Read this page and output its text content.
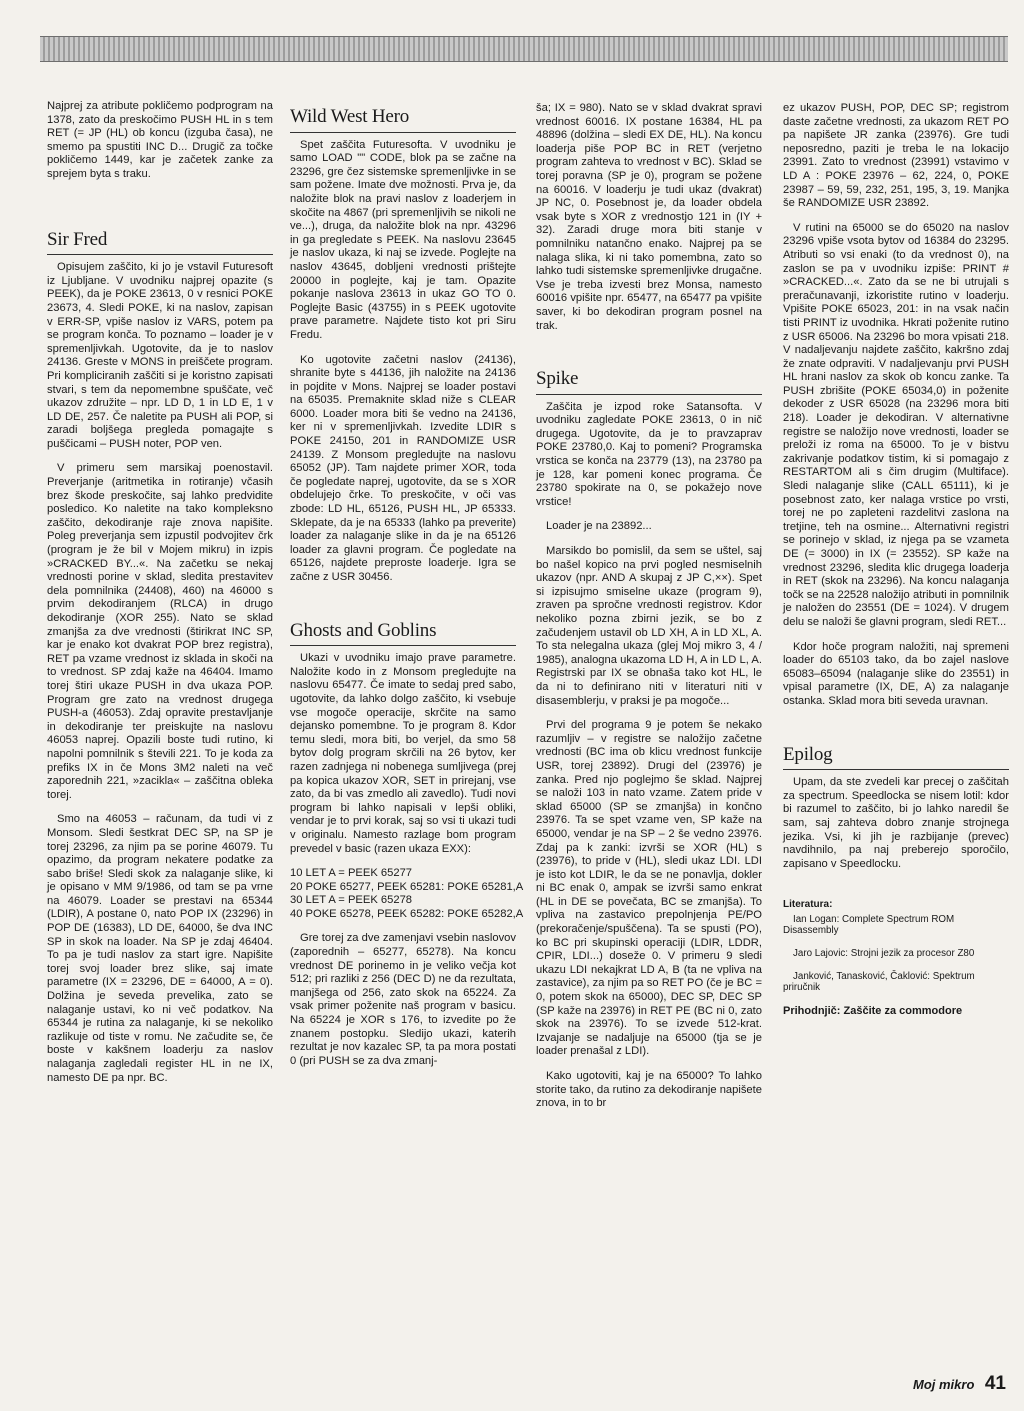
Najprej za atribute pokličemo podprogram na 1378, zato da preskočimo PUSH HL in s tem RET (= JP (HL) ob koncu (izguba časa), ne smemo pa spustiti INC D... Drugič za točke pokličemo 1449, kar je začetek zanke za sprejem byta s traku.

Sir Fred

Opisujem zaščito, ki jo je vstavil Futuresoft iz Ljubljane. V uvodniku najprej opazite (s PEEK), da je POKE 23613, 0 v resnici POKE 23673, 4. Sledi POKE, ki na naslov, zapisan v ERR-SP, vpiše naslov iz VARS, potem pa se program konča. To poznamo – loader je v spremenljivkah. Ugotovite, da je to naslov 24136. Greste v MONS in preiščete program. Pri kompliciranih zaščiti si je koristno zapisati stvari, s tem da nepomembne spuščate, več ukazov združite – npr. LD D, 1 in LD E, 1 v LD DE, 257. Če naletite pa PUSH ali POP, si zaradi boljšega pregleda pomagajte s puščicami – PUSH noter, POP ven.

V primeru sem marsikaj poenostavil. Preverjanje (aritmetika in rotiranje) včasih brez škode preskočite, saj lahko predvidite posledico. Ko naletite na tako kompleksno zaščito, dekodiranje raje znova napišite. Poleg preverjanja sem izpustil podvojitev črk (program je že bil v Mojem mikru) in izpis »CRACKED BY...«. Na začetku se nekaj vrednosti porine v sklad, sledita prestavitev dela pomnilnika (24408), 460) na 46000 s prvim dekodiranjem (RLCA) in drugo dekodiranje (XOR 255). Nato se sklad zmanjša za dve vrednosti (štirikrat INC SP, kar je enako kot dvakrat POP brez registra), RET pa vzame vrednost iz sklada in skoči na to vrednost. SP zdaj kaže na 46404. Imamo torej štiri ukaze PUSH in dva ukaza POP. Program gre zato na vrednost drugega PUSH-a (46053). Zdaj opravite prestavljanje in dekodiranje ter preiskujte na naslovu 46053 naprej. Opazili boste tudi rutino, ki napolni pomnilnik s števili 221. To je koda za prefiks IX in če Mons 3M2 naleti na več zaporednih 221, »zacikla« – zaščitna obleka torej.

Smo na 46053 – računam, da tudi vi z Monsom. Sledi šestkrat DEC SP, na SP je torej 23296, za njim pa se porine 46079. Tu opazimo, da program nekatere podatke za sabo briše! Sledi skok za nalaganje slike, ki je opisano v MM 9/1986, od tam se pa vrne na 46079. Loader se prestavi na 65344 (LDIR), A postane 0, nato POP IX (23296) in POP DE (16383), LD DE, 64000, še dva INC SP in skok na loader. Na SP je zdaj 46404. To pa je tudi naslov za start igre. Napišite torej svoj loader brez slike, saj imate parametre (IX = 23296, DE = 64000, A = 0). Dolžina je seveda prevelika, zato se nalaganje ustavi, ko ni več podatkov. Na 65344 je rutina za nalaganje, ki se nekoliko razlikuje od tiste v romu. Ne začudite se, če boste v kakšnem loaderju za naslov nalaganja zagledali register HL in ne IX, namesto DE pa npr. BC.

Wild West Hero

Spet zaščita Futuresofta. V uvodniku je samo LOAD "" CODE, blok pa se začne na 23296, gre čez sistemske spremenljivke in se sam požene. Imate dve možnosti. Prva je, da naložite blok na pravi naslov z loaderjem in skočite na 4867 (pri spremenljivih se nikoli ne ve...), druga, da naložite blok na npr. 43296 in ga pregledate s PEEK. Na naslovu 23645 je naslov ukaza, ki naj se izvede. Poglejte na naslov 43645, dobljeni vrednosti prištejte 20000 in poglejte, kaj je tam. Opazite pokanje naslova 23613 in ukaz GO TO 0. Poglejte Basic (43755) in s PEEK ugotovite prave parametre. Najdete tisto kot pri Siru Fredu.

Ko ugotovite začetni naslov (24136), shranite byte s 44136, jih naložite na 24136 in pojdite v Mons. Najprej se loader postavi na 65035. Premaknite sklad niže s CLEAR 6000. Loader mora biti še vedno na 24136, ker ni v spremenljivkah. Izvedite LDIR s POKE 24150, 201 in RANDOMIZE USR 24139. Z Monsom pregledujte na naslovu 65052 (JP). Tam najdete primer XOR, toda če pogledate naprej, ugotovite, da se s XOR obdelujejo črke. To preskočite, v oči vas zbode: LD HL, 65126, PUSH HL, JP 65333. Sklepate, da je na 65333 (lahko pa preverite) loader za nalaganje slike in da je na 65126 loader za glavni program. Če pogledate na 65126, najdete preproste loaderje. Igra se začne z USR 30456.

Ghosts and Goblins

Ukazi v uvodniku imajo prave parametre. Naložite kodo in z Monsom pregledujte na naslovu 65477. Če imate to sedaj pred sabo, ugotovite, da lahko dolgo zaščito, ki vsebuje vse mogoče operacije, skrčite na samo dejansko pomembne. To je program 8. Kdor temu sledi, mora biti, bo verjel, da smo 58 bytov dolg program skrčili na 26 bytov, ker razen zadnjega ni nobenega sumljivega (prej pa kopica ukazov XOR, SET in prirejanj, vse zato, da bi vas zmedlo ali zavedlo). Tudi novi program bi lahko napisali v lepši obliki, vendar je to prvi korak, saj so vsi ti ukazi tudi v originalu. Namesto razlage bom program prevedel v basic (razen ukaza EXX):

10 LET A = PEEK 65277
20 POKE 65277, PEEK 65281: POKE 65281,A
30 LET A = PEEK 65278
40 POKE 65278, PEEK 65282: POKE 65282,A

Gre torej za dve zamenjavi vsebin naslovov (zaporednih – 65277, 65278). Na koncu vrednost DE porinemo in je veliko večja kot 512; pri razliki z 256 (DEC D) ne da rezultata, manjšega od 256, zato skok na 65224. Za vsak primer poženite naš program v basicu. Na 65224 je XOR s 176, to izvedite po že znanem postopku. Sledijo ukazi, katerih rezultat je nov kazalec SP, ta pa mora postati 0 (pri PUSH se za dva zmanj-

ša; IX = 980). Nato se v sklad dvakrat spravi vrednost 60016. IX postane 16384, HL pa 48896 (dolžina – sledi EX DE, HL). Na koncu loaderja piše POP BC in RET (verjetno program zahteva to vrednost v BC). Sklad se torej poravna (SP je 0), program se požene na 60016. V loaderju je tudi ukaz (dvakrat) JP NC, 0. Posebnost je, da loader obdela vsak byte s XOR z vrednostjo 121 in (IY + 32). Zaradi druge mora biti stanje v pomnilniku natančno enako. Najprej pa se nalaga slika, ki ni tako pomembna, zato so lahko tudi sistemske spremenljivke drugačne. Vse je treba izvesti brez Monsa, namesto 60016 vpišite npr. 65477, na 65477 pa vpišite saver, ki bo dekodiran program posnel na trak.

Spike

Zaščita je izpod roke Satansofta. V uvodniku zagledate POKE 23613, 0 in nič drugega. Ugotovite, da je to pravzaprav POKE 23780,0. Kaj to pomeni? Programska vrstica se konča na 23779 (13), na 23780 pa je 128, kar pomeni konec programa. Če 23780 spokirate na 0, se pokažejo nove vrstice!

Loader je na 23892...

Marsikdo bo pomislil, da sem se uštel, saj bo našel kopico na prvi pogled nesmiselnih ukazov (npr. AND A skupaj z JP C,××). Spet si izpisujmo smiselne ukaze (program 9), zraven pa spročne vrednosti registrov. Kdor nekoliko pozna zbirni jezik, se bo z začudenjem ustavil ob LD XH, A in LD XL, A. To sta nelegalna ukaza (glej Moj mikro 3, 4 / 1985), analogna ukazoma LD H, A in LD L, A. Registrski par IX se obnaša tako kot HL, le da ni to definirano niti v literaturi niti v disasemblerju, v praksi je pa mogoče...

Prvi del programa 9 je potem še nekako razumljiv – v registre se naložijo začetne vrednosti (BC ima ob klicu vrednost funkcije USR, torej 23892). Drugi del (23976) je zanka. Pred njo poglejmo še sklad. Najprej se naloži 103 in nato vzame. Zatem pride v sklad 65000 (SP se zmanjša) in končno 23976. Ta se spet vzame ven, SP kaže na 65000, vendar je na SP – 2 še vedno 23976. Zdaj pa k zanki: izvrši se XOR (HL) s (23976), to pride v (HL), sledi ukaz LDI. LDI je isto kot LDIR, le da se ne ponavlja, dokler ni BC enak 0, ampak se izvrši samo enkrat (HL in DE se povečata, BC se zmanjša). To vpliva na zastavico prepolnjenja PE/PO (prekoračenje/spuščena). Ta se spusti (PO), ko BC pri skupinski operaciji (LDIR, LDDR, CPIR, LDI...) doseže 0. V primeru 9 sledi ukazu LDI nekajkrat LD A, B (ta ne vpliva na zastavice), za njim pa so RET PO (če je BC = 0, potem skok na 65000), DEC SP, DEC SP (SP kaže na 23976) in RET PE (BC ni 0, zato skok na 23976). To se izvede 512-krat. Izvajanje se nadaljuje na 65000 (tja se je loader prenašal z LDI).

Kako ugotoviti, kaj je na 65000? To lahko storite tako, da rutino za dekodiranje napišete znova, in to br

ez ukazov PUSH, POP, DEC SP; registrom daste začetne vrednosti, za ukazom RET PO pa napišete JR zanka (23976). Gre tudi neposredno, paziti je treba le na lokacijo 23991. Zato to vrednost (23991) vstavimo v LD A : POKE 23976 – 62, 224, 0, POKE 23987 – 59, 59, 232, 251, 195, 3, 19. Manjka še RANDOMIZE USR 23892.

V rutini na 65000 se do 65020 na naslov 23296 vpiše vsota bytov od 16384 do 23295. Atributi so vsi enaki (to da vrednost 0), na zaslon se pa v uvodniku izpiše: PRINT # »CRACKED...«. Zato da se ne bi utrujali s preračunavanji, izkoristite rutino v loaderju. Vpišite POKE 65023, 201: in na vsak način tisti PRINT iz uvodnika. Hkrati poženite rutino z USR 65006. Na 23296 bo mora vpisati 218. V nadaljevanju najdete zaščito, kakršno zdaj že znate odpraviti. V nadaljevanju prvi PUSH HL hrani naslov za skok ob koncu zanke. Ta PUSH zbrišite (POKE 65034,0) in poženite dekoder z USR 65028 (na 23296 mora biti 218). Loader je dekodiran. V alternativne registre se naložijo nove vrednosti, loader se preloži iz roma na 65000. To je v bistvu zakrivanje podatkov tistim, ki si pomagajo z RESTARTOM ali s čim drugim (Multiface). Sledi nalaganje slike (CALL 65111), ki je posebnost zato, ker nalaga vrstice po vrsti, torej ne po zapleteni razdelitvi zaslona na tretjine, teh na osmine... Alternativni registri se porinejo v sklad, iz njega pa se vzameta DE (= 3000) in IX (= 23552). SP kaže na vrednost 23296, sledita klic drugega loaderja in RET (skok na 23296). Na koncu nalaganja točk se na 22528 naložijo atributi in pomnilnik je naložen do 23551 (DE = 1024). V drugem delu se naloži še glavni program, sledi RET...

Kdor hoče program naložiti, naj spremeni loader do 65103 tako, da bo zajel naslove 65083–65094 (nalaganje slike do 23551) in vpisal parametre (IX, DE, A) za nalaganje ostanka. Sklad mora biti seveda uravnan.

Epilog

Upam, da ste zvedeli kar precej o zaščitah za spectrum. Speedlocka se nisem lotil: kdor bi razumel to zaščito, bi jo lahko naredil še sam, saj zahteva dobro znanje strojnega jezika. Vsi, ki jih je razbijanje (prevec) navdihnilo, pa naj preberejo sporočilo, zapisano v Speedlocku.

Literatura:

Ian Logan: Complete Spectrum ROM Disassembly

Jaro Lajovic: Strojni jezik za procesor Z80

Janković, Tanasković, Čaklović: Spektrum priručnik

Prihodnjič: Zaščite za commodore
Moj mikro 41
